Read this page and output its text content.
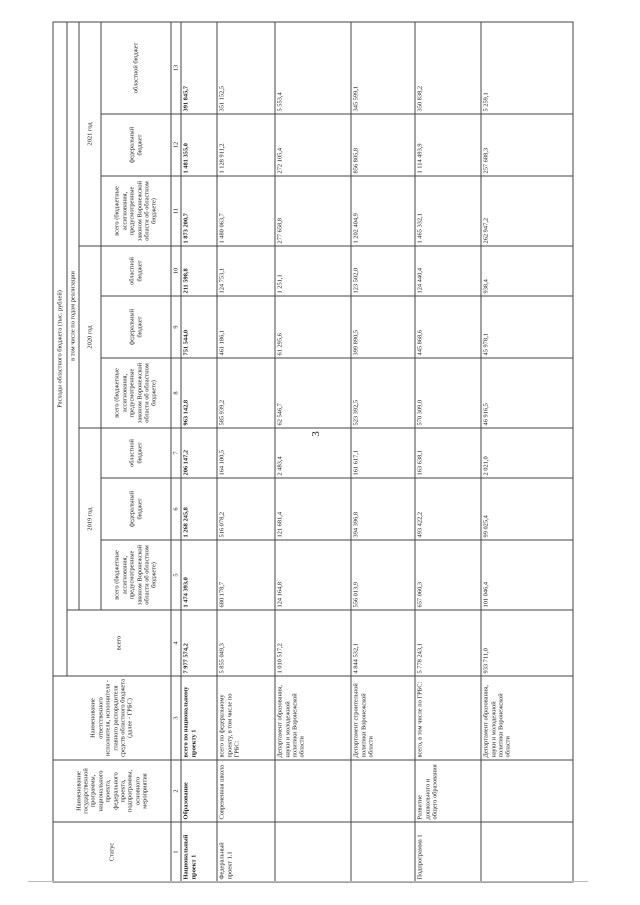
3
Статус	Наименование государственной программы, национального проекта, федерального проекта, подпрограммы, основного мероприятия	Наименование ответственного исполнителя, исполнителя - главного распорядителя средств областного бюджета (далее - ГРБС)	Расходы областного бюджета (тыс. рублей)									
			всего	в том числе по годам реализации								
				2019 год			2020 год			2021 год		
				всего (бюджетные ассигнования, предусмотренные законом Воронежской области об областном бюджете)	федеральный бюджет	областной бюджет	всего (бюджетные ассигнования, предусмотренные законом Воронежской области об областном бюджете)	федеральный бюджет	областной бюджет	всего (бюджетные ассигнования, предусмотренные законом Воронежской области об областном бюджете)	федеральный бюджет	областной бюджет
1	2	3	4	5	6	7	8	9	10	11	12	13
Национальный проект 1	Образование	всего по национальному проекту 1	7 977 574,2	1 474 393,0	1 268 245,8	206 147,2	963 142,8	751 544,0	211 598,8	1 873 200,7	1 481 355,0	391 845,7
Федеральный проект 1.1	Современная школа	всего по федеральному проекту, в том числе по ГРБС:	5 855 049,3	680 178,7	516 078,2	164 100,5	585 939,2	461 186,1	124 753,1	1 480 063,7	1 128 911,2	351 152,5
		Департамент образования, науки и молодежной политики Воронежской области	1 010 517,2	124 164,8	121 681,4	2 483,4	62 546,7	61 295,6	1 251,1	277 658,8	272 105,4	5 553,4
		Департамент строительной политики Воронежской области	4 844 532,1	556 013,9	394 396,8	161 617,1	523 392,5	399 890,5	123 502,0	1 202 404,9	856 805,8	345 599,1
Подпрограмма 1	Развитие дошкольного и общего образования	всего, в том числе по ГРБС:	5 778 243,1	657 060,3	493 422,2	163 638,1	570 309,0	445 868,6	124 440,4	1 465 332,1	1 114 493,9	350 838,2
		Департамент образования, науки и молодежной политики Воронежской области	933 711,0	101 046,4	99 025,4	2 021,0	46 916,5	45 978,1	938,4	262 947,2	257 688,3	5 259,1
